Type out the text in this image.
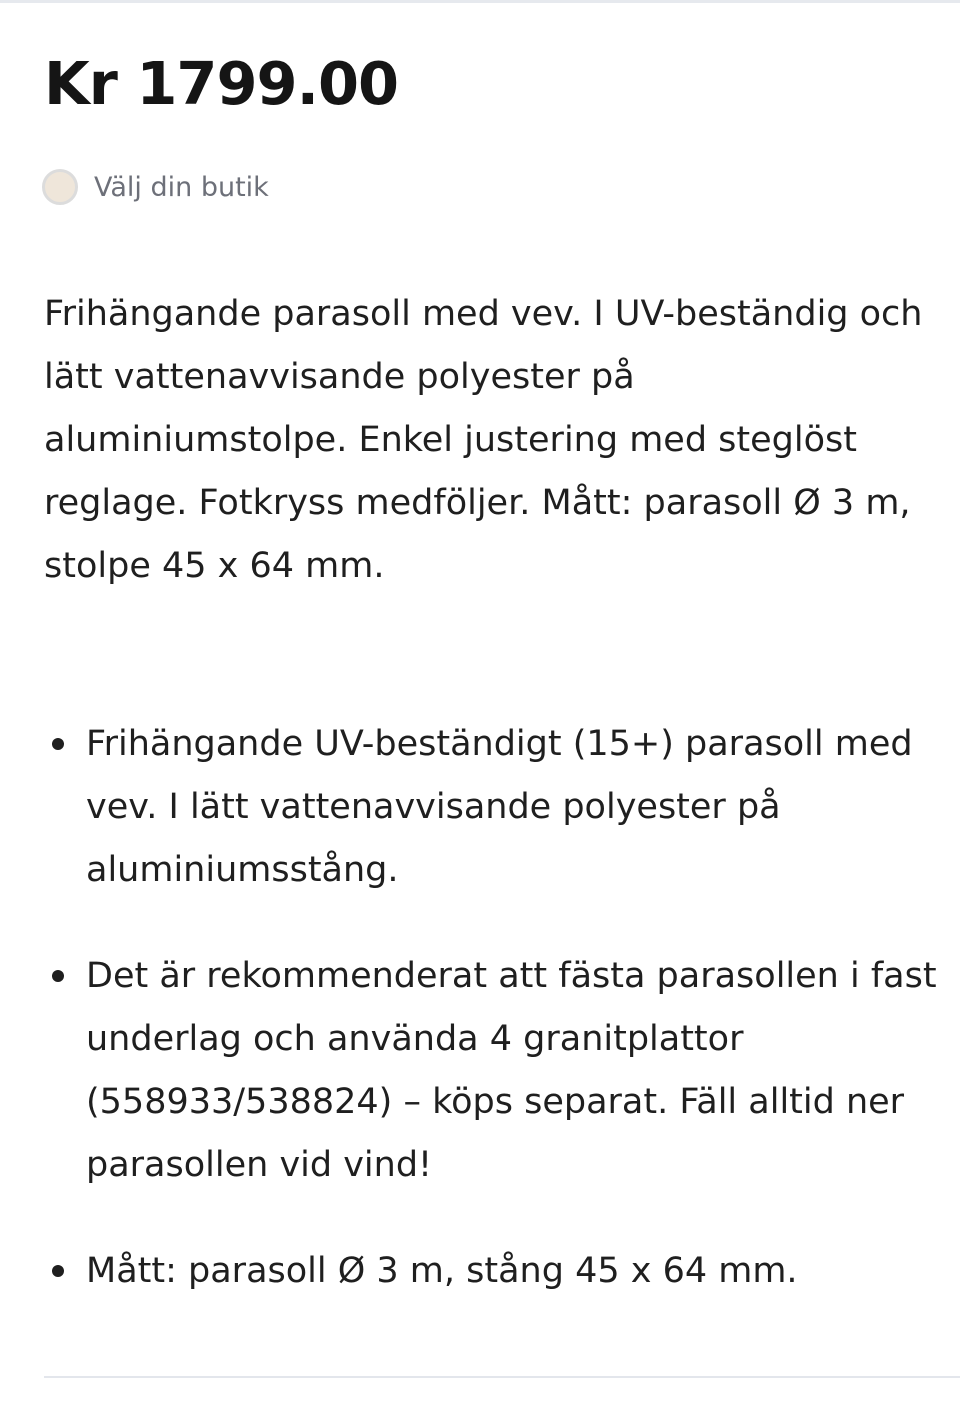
Kr 1799.00
Välj din butik

Frihängande parasoll med vev. I UV-beständig och lätt vattenavvisande polyester på aluminiumstolpe. Enkel justering med steglöst reglage. Fotkryss medföljer. Mått: parasoll Ø 3 m, stolpe 45 x 64 mm.

Frihängande UV-beständigt (15+) parasoll med vev. I lätt vattenavvisande polyester på aluminiumsstång.
Det är rekommenderat att fästa parasollen i fast underlag och använda 4 granitplattor (558933/538824) – köps separat. Fäll alltid ner parasollen vid vind!
Mått: parasoll Ø 3 m, stång 45 x 64 mm.
